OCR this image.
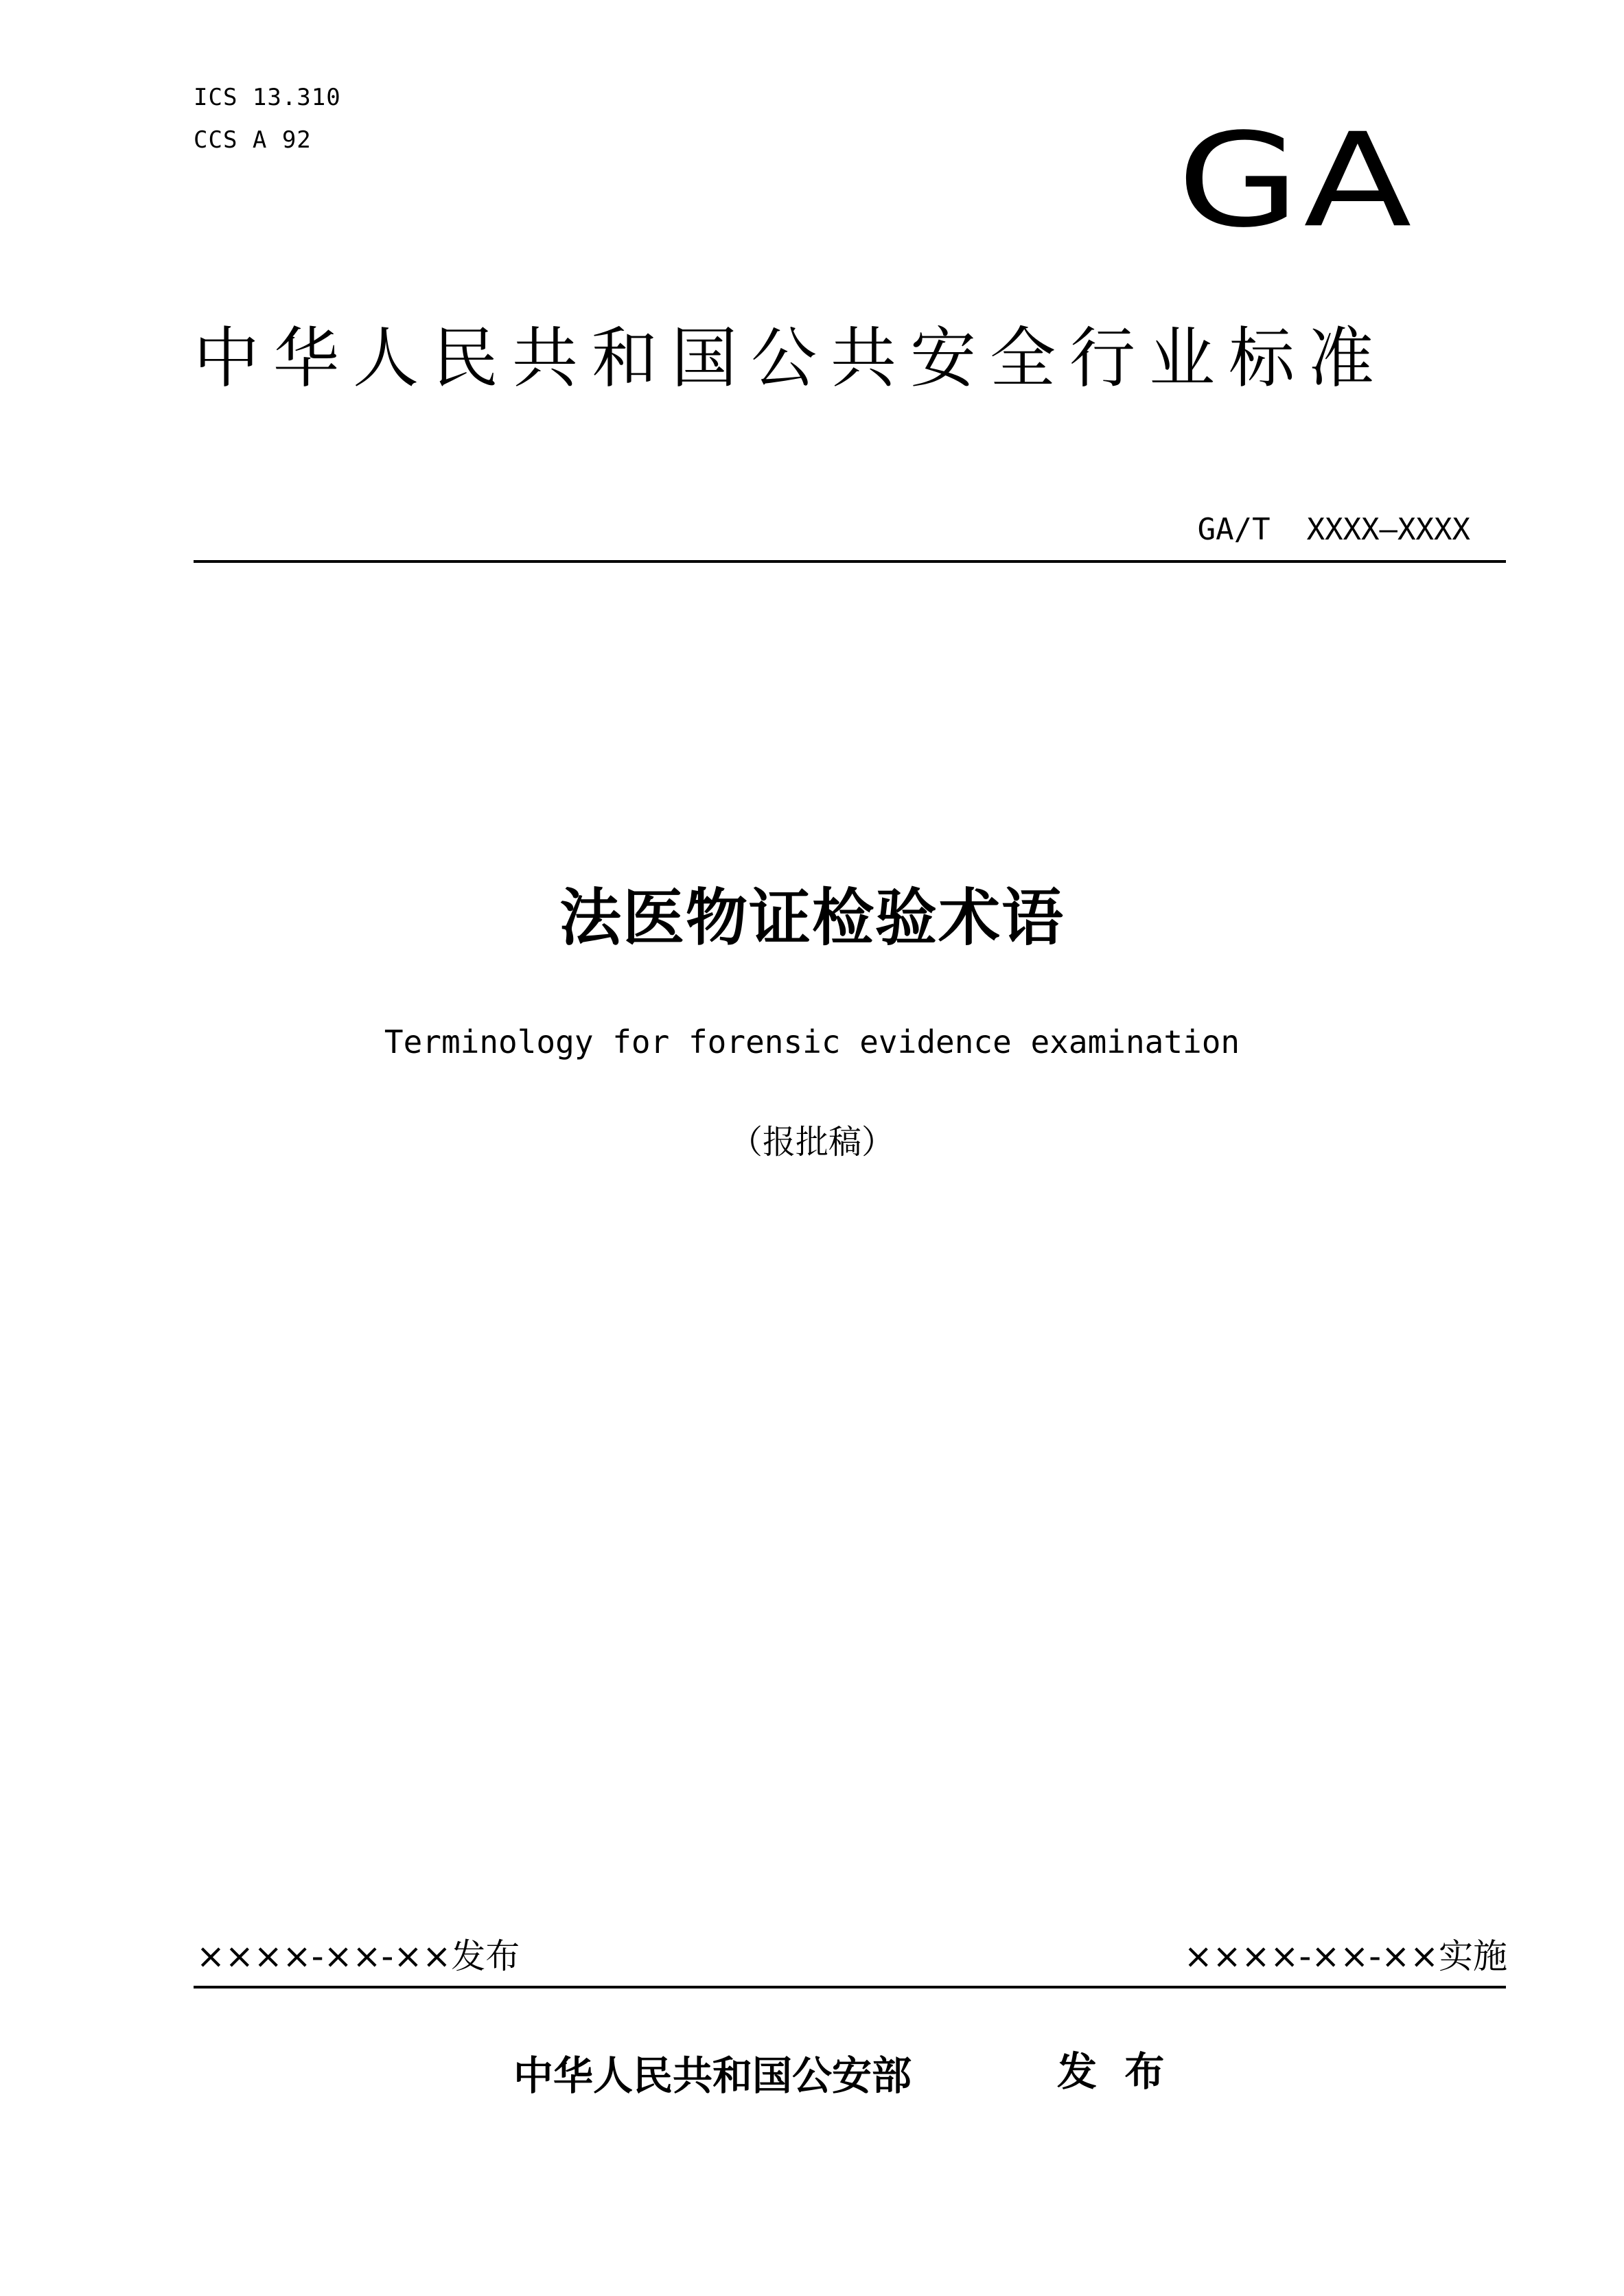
ICS 13.310
CCS A 92	GA
中华人民共和国公共安全行业标准
GA/T  XXXX—XXXX
法医物证检验术语
Terminology for forensic evidence examination
（报批稿）
××××-××-××发布	××××-××-××实施
中华人民共和国公安部	发  布
